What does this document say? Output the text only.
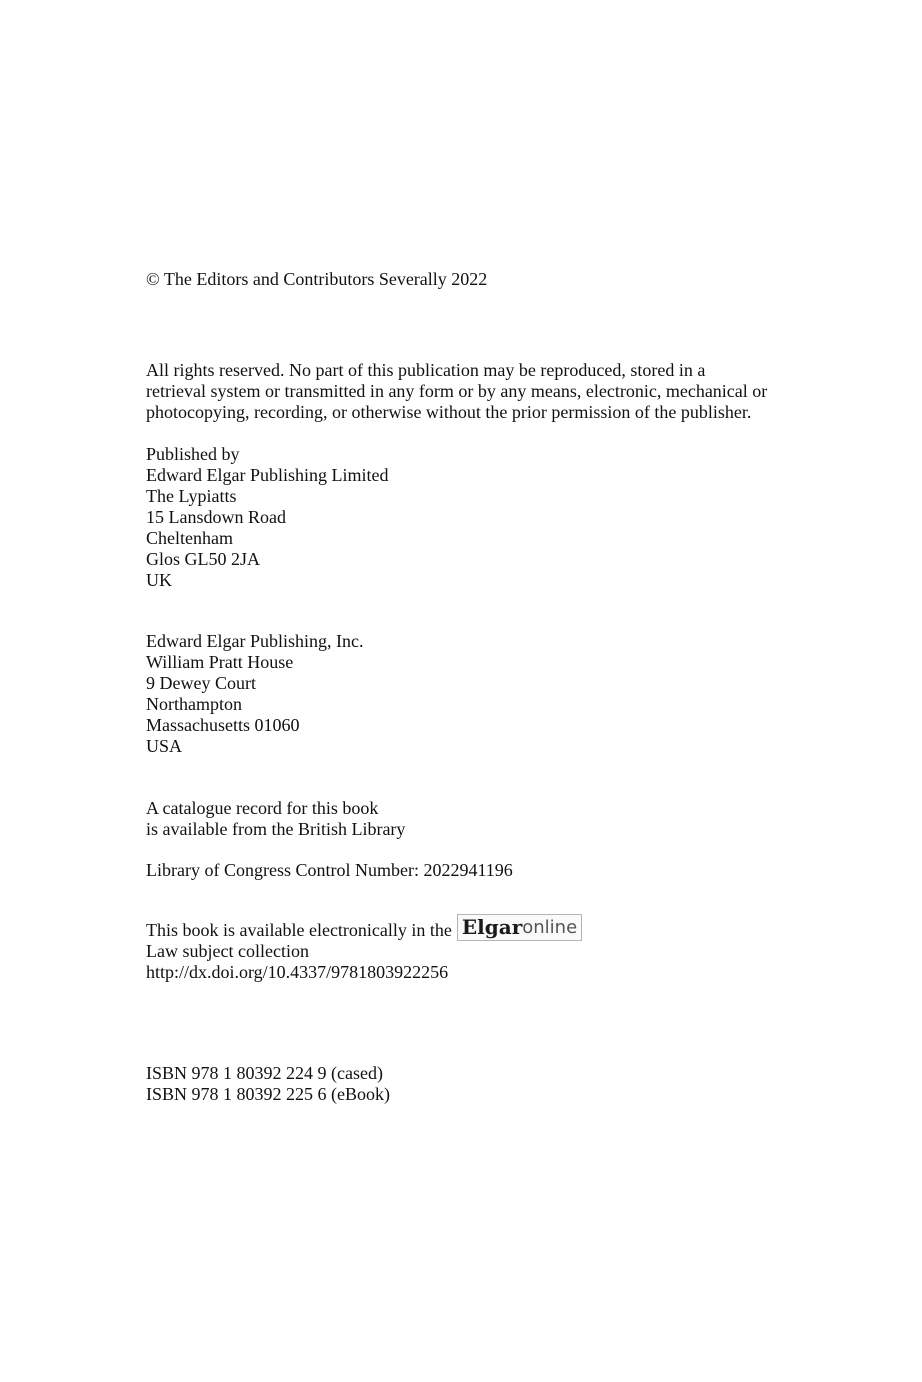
© The Editors and Contributors Severally 2022
All rights reserved. No part of this publication may be reproduced, stored in a
retrieval system or transmitted in any form or by any means, electronic, mechanical or
photocopying, recording, or otherwise without the prior permission of the publisher.
Published by
Edward Elgar Publishing Limited
The Lypiatts
15 Lansdown Road
Cheltenham
Glos GL50 2JA
UK
Edward Elgar Publishing, Inc.
William Pratt House
9 Dewey Court
Northampton
Massachusetts 01060
USA
A catalogue record for this book
is available from the British Library
Library of Congress Control Number: 2022941196
This book is available electronically in the Elgar online
Law subject collection
http://dx.doi.org/10.4337/9781803922256
ISBN 978 1 80392 224 9 (cased)
ISBN 978 1 80392 225 6 (eBook)
